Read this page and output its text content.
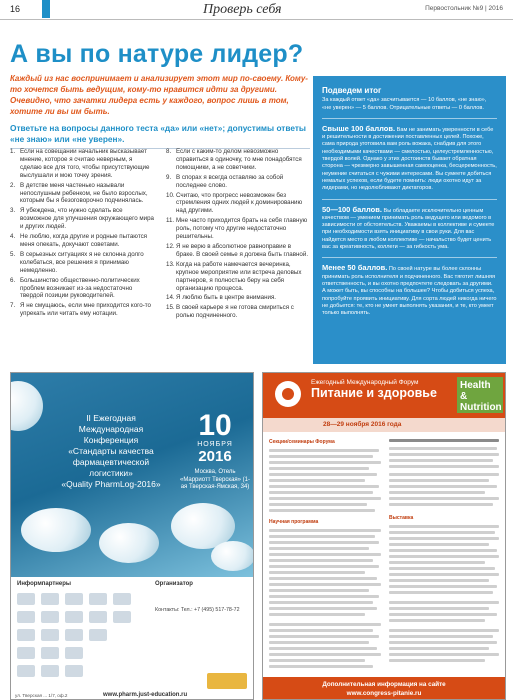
16	Проверь себя	Первостольник №9 | 2016
А вы по натуре лидер?

Каждый из нас воспринимает и анализирует этот мир по-своему. Кому-то хочется быть ведущим, кому-то нравится идти за другими. Очевидно, что зачатки лидера есть у каждого, вопрос лишь в том, хотите ли вы им быть.

Ответьте на вопросы данного теста «да» или «нет»; допустимы ответы «не знаю» или «не уверен».

1. Если на совещании начальник высказывает мнение, которое я считаю неверным, я сделаю все для того, чтобы присутствующие выслушали и мою точку зрения.
2. В детстве меня частенько называли непослушным ребенком, не было взрослых, которым бы я безоговорочно подчинялась.
3. Я убеждена, что нужно сделать все возможное для улучшения окружающего мира и других людей.
4. Не люблю, когда другие и родные пытаются меня опекать, докучают советами.
5. В серьезных ситуациях я не склонна долго колебаться, все решения я принимаю немедленно.
6. Большинство общественно-политических проблем возникает из-за недостаточно твердой позиции руководителей.
7. Я не смущаюсь, если мне приходится кого-то упрекать или читать ему нотации.
8. Если с каким-то делом невозможно справиться в одиночку, то мне понадобятся помощники, а не советчики.
9. В спорах я всегда оставляю за собой последнее слово.
10. Считаю, что прогресс невозможен без стремления одних людей к доминированию над другими.
11. Мне часто приходится брать на себя главную роль, потому что другие недостаточно решительны.
12. Я не верю в абсолютное равноправие в браке. В своей семье я должна быть главной.
13. Когда на работе намечается вечеринка, крупное мероприятие или встреча деловых партнеров, я полностью беру на себя организацию процесса.
14. Я люблю быть в центре внимания.
15. В своей карьере я не готова смириться с ролью подчиненного.
Подведем итог

За каждый ответ «да» засчитывается — 10 баллов, «не знаю», «не уверен» — 5 баллов. Отрицательные ответы — 0 баллов.

Свыше 100 баллов. Вам не занимать уверенности в себе и решительности в достижении поставленных целей. Похоже, сама природа уготовила вам роль вожака, снабдив для этого необходимыми качествами — смелостью, целеустремленностью, твердой волей. Однако у этих достоинств бывает обратная сторона — чрезмерно завышенная самооценка, бесцеремонность, неумение считаться с чужими интересами. Вы сумеете добиться немалых успехов, если будете помнить: люди охотно идут за лидерами, но недолюбливают диктаторов.

50—100 баллов. Вы обладаете исключительно ценным качеством — умением принимать роль ведущего или ведомого в зависимости от обстоятельств. Уважаемы в коллективе и сумеете при необходимости взять инициативу в свои руки. Для вас найдется место в любом коллективе — начальство будет ценить вас за креативность, коллеги — за гибкость ума.

Менее 50 баллов. По своей натуре вы более склонны принимать роль исполнителя и подчиненного. Вас тяготит лишняя ответственность, и вы охотно предпочтете следовать за другими. А может быть, вы способны на большее? Чтобы добиться успеха, попробуйте проявить инициативу. Для сорта людей никогда ничего не добьется: те, кто не умеет выполнять указания, и те, кто умеет только выполнять.

II Ежегодная
Международная
Конференция
«Стандарты качества
фармацевтической
логистики»
«Quality PharmLog-2016»
10
НОЯБРЯ
2016
Москва, Отель «Марриотт Тверская» (1-ая Тверская-Ямская, 34)
Информпартнеры	Организатор
Контакты: Тел.: +7 (495) 517-78-72
ул. Тверская ... 1/7, оф.2	www.pharm.just-education.ru
Ежегодный Международный Форум
Питание и здоровье
Health & Nutrition
28—29 ноября 2016 года
Секции/семинары Форума
Научная программа
Выставка
Дополнительная информация на сайте
www.congress-pitanie.ru
